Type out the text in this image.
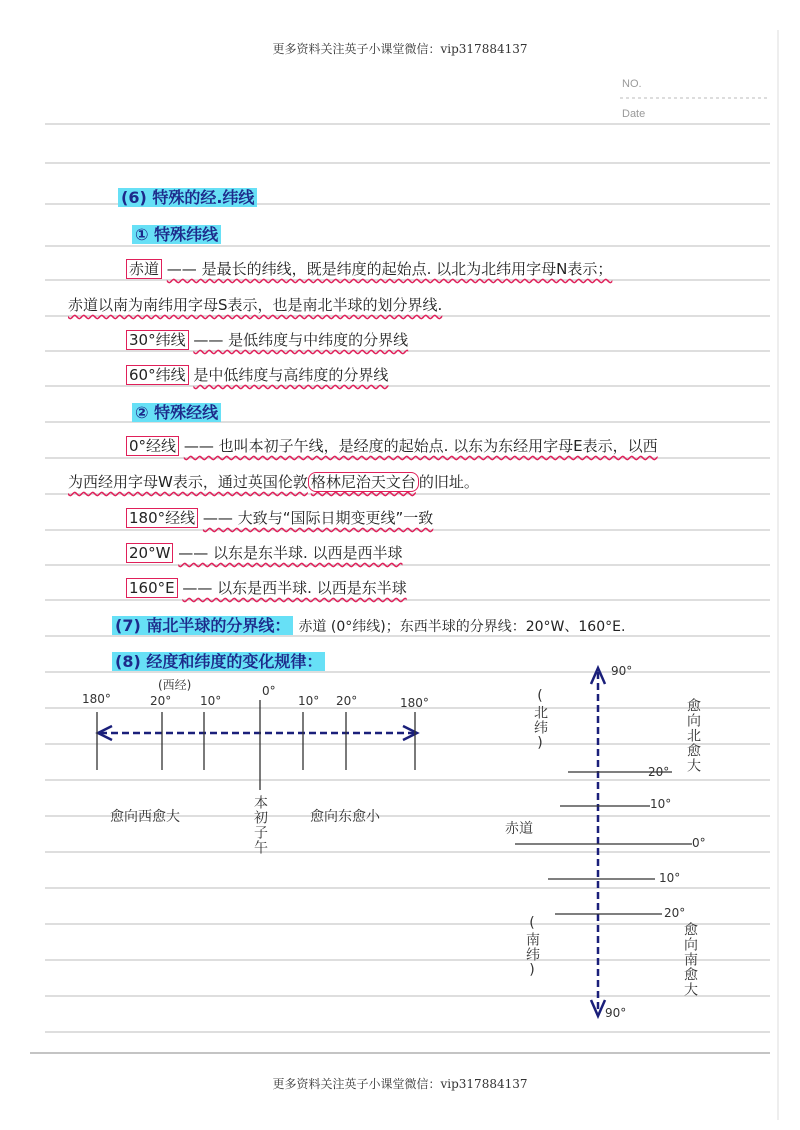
更多资料关注英子小课堂微信：vip317884137
NO.
Date
(6) 特殊的经.纬线
① 特殊纬线
赤道 —— 是最长的纬线，既是纬度的起始点. 以北为北纬用字母N表示；
赤道以南为南纬用字母S表示，也是南北半球的划分界线.
30°纬线 —— 是低纬度与中纬度的分界线
60°纬线 是中低纬度与高纬度的分界线
② 特殊经线
0°经线 —— 也叫本初子午线，是经度的起始点. 以东为东经用字母E表示，以西
为西经用字母W表示，通过英国伦敦 格林尼治天文台 的旧址。
180°经线 —— 大致与“国际日期变更线”一致
20°W —— 以东是东半球. 以西是西半球
160°E —— 以东是西半球. 以西是东半球
(7) 南北半球的分界线： 赤道 (0°纬线)；东西半球的分界线：20°W、160°E.
(8) 经度和纬度的变化规律：
(西经)
180°	20° 10°
0°
10° 20°	180°
愈向西愈大	本初子午	愈向东愈小
90°
(北纬)	愈向北愈大
20°
10°
0°
10°
20°
赤道
(南纬)	愈向南愈大
90°
更多资料关注英子小课堂微信：vip317884137
